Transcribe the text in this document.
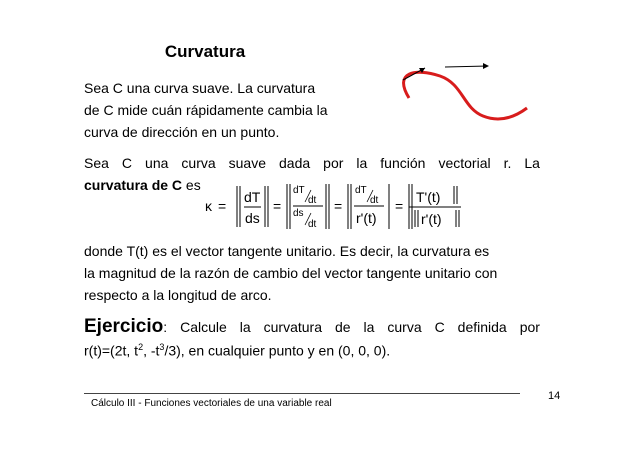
Curvatura
Sea C una curva suave. La curvatura
de C mide cuán rápidamente cambia la
curva de dirección en un punto.
Sea C una curva suave dada por la función vectorial r. La
curvatura de C es
κ =
dT
ds
=
dT
dt
ds
dt
=
dT
dt
r'(t)
=
T'(t)
r'(t)
donde T(t) es el vector tangente unitario. Es decir, la curvatura es
la magnitud de la razón de cambio del vector tangente unitario con
respecto a la longitud de arco.
Ejercicio: Calcule la curvatura de la curva C definida por
r(t)=(2t, $t^2$, $-t^3/3$), en cualquier punto y en (0, 0, 0).
Cálculo III - Funciones vectoriales de una variable real
14
